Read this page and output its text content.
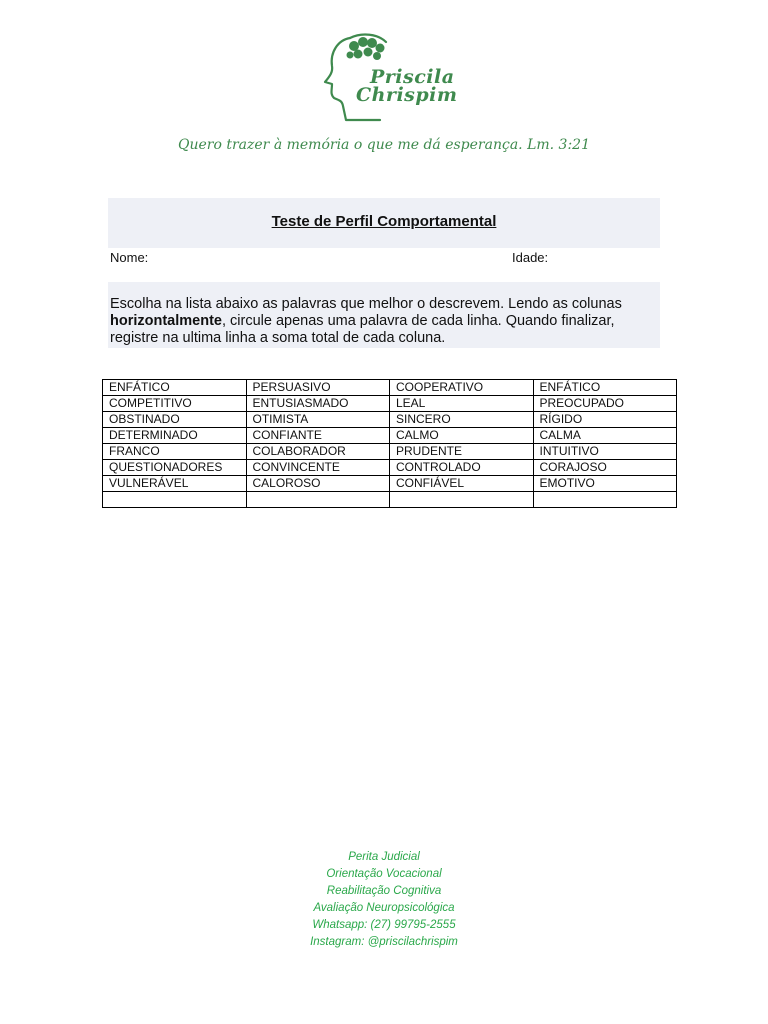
Priscila
Chrispim
Quero trazer à memória o que me dá esperança. Lm. 3:21
Teste de Perfil Comportamental
Nome:	Idade:
Escolha na lista abaixo as palavras que melhor o descrevem. Lendo as colunas horizontalmente, circule apenas uma palavra de cada linha. Quando finalizar, registre na ultima linha a soma total de cada coluna.
ENFÁTICO	PERSUASIVO	COOPERATIVO	ENFÁTICO
COMPETITIVO	ENTUSIASMADO	LEAL	PREOCUPADO
OBSTINADO	OTIMISTA	SINCERO	RÍGIDO
DETERMINADO	CONFIANTE	CALMO	CALMA
FRANCO	COLABORADOR	PRUDENTE	INTUITIVO
QUESTIONADORES	CONVINCENTE	CONTROLADO	CORAJOSO
VULNERÁVEL	CALOROSO	CONFIÁVEL	EMOTIVO

Perita Judicial
Orientação Vocacional
Reabilitação Cognitiva
Avaliação Neuropsicológica
Whatsapp: (27) 99795-2555
Instagram: @priscilachrispim
